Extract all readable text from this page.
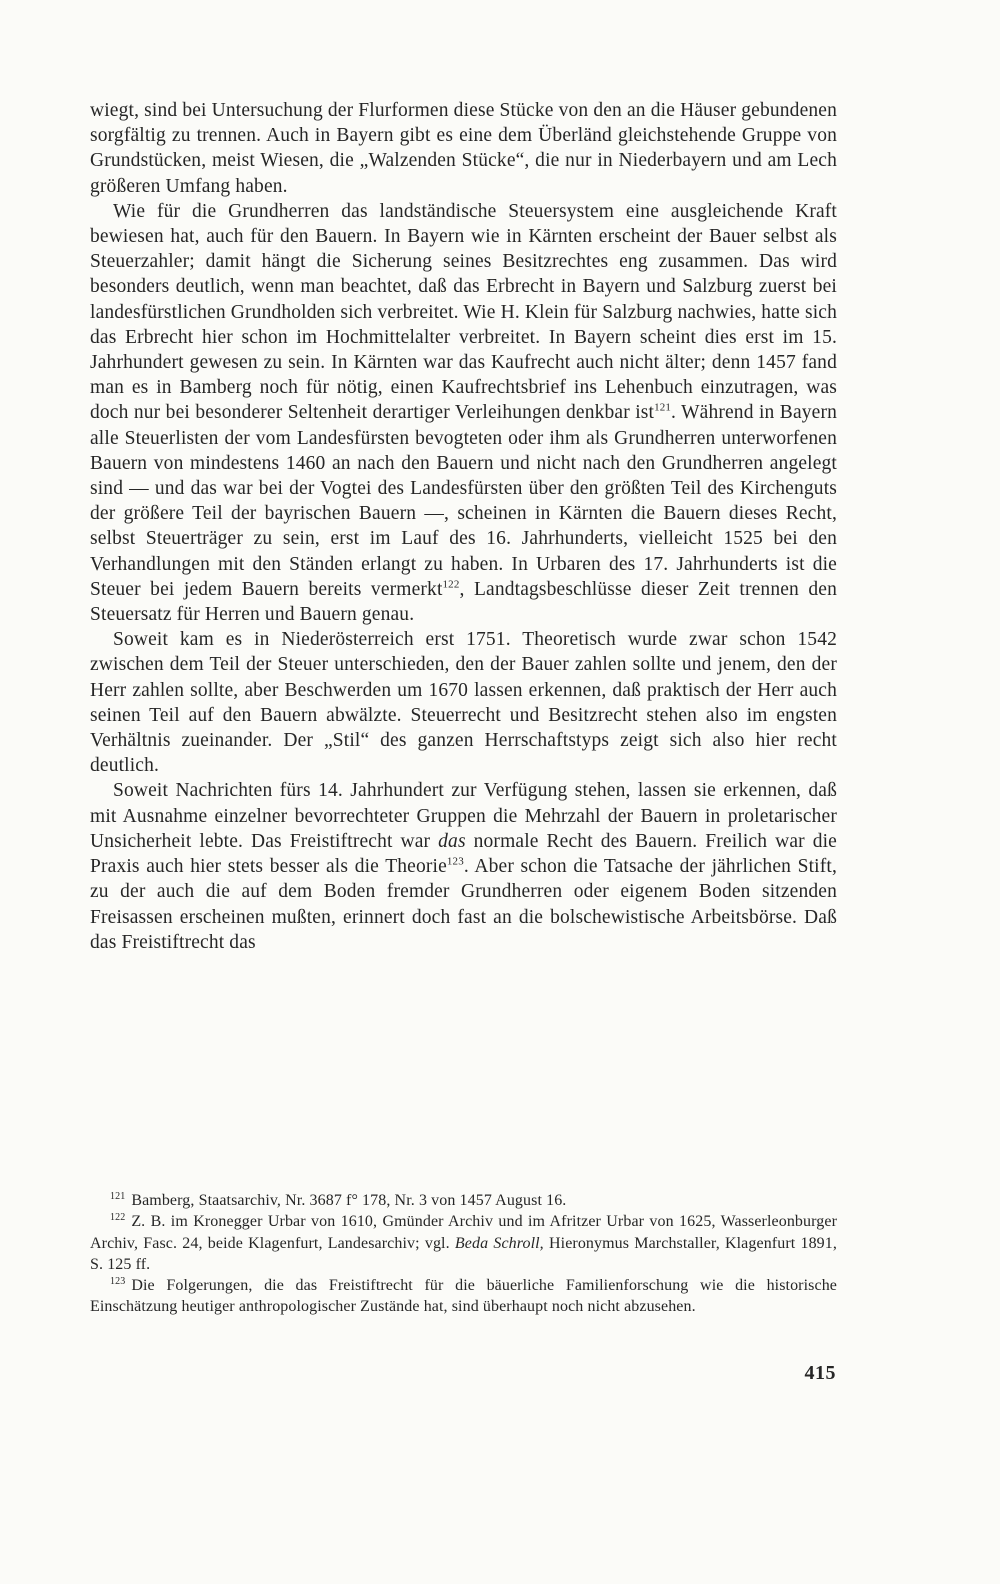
wiegt, sind bei Untersuchung der Flurformen diese Stücke von den an die Häuser gebundenen sorgfältig zu trennen. Auch in Bayern gibt es eine dem Überländ gleichstehende Gruppe von Grundstücken, meist Wiesen, die „Walzenden Stücke“, die nur in Niederbayern und am Lech größeren Umfang haben.

Wie für die Grundherren das landständische Steuersystem eine ausgleichende Kraft bewiesen hat, auch für den Bauern. In Bayern wie in Kärnten erscheint der Bauer selbst als Steuerzahler; damit hängt die Sicherung seines Besitzrechtes eng zusammen. Das wird besonders deutlich, wenn man beachtet, daß das Erbrecht in Bayern und Salzburg zuerst bei landesfürstlichen Grundholden sich verbreitet. Wie H. Klein für Salzburg nachwies, hatte sich das Erbrecht hier schon im Hochmittelalter verbreitet. In Bayern scheint dies erst im 15. Jahrhundert gewesen zu sein. In Kärnten war das Kaufrecht auch nicht älter; denn 1457 fand man es in Bamberg noch für nötig, einen Kaufrechtsbrief ins Lehenbuch einzutragen, was doch nur bei besonderer Seltenheit derartiger Verleihungen denkbar ist$^{121}$. Während in Bayern alle Steuerlisten der vom Landesfürsten bevogteten oder ihm als Grundherren unterworfenen Bauern von mindestens 1460 an nach den Bauern und nicht nach den Grundherren angelegt sind — und das war bei der Vogtei des Landesfürsten über den größten Teil des Kirchenguts der größere Teil der bayrischen Bauern —, scheinen in Kärnten die Bauern dieses Recht, selbst Steuerträger zu sein, erst im Lauf des 16. Jahrhunderts, vielleicht 1525 bei den Verhandlungen mit den Ständen erlangt zu haben. In Urbaren des 17. Jahrhunderts ist die Steuer bei jedem Bauern bereits vermerkt$^{122}$, Landtagsbeschlüsse dieser Zeit trennen den Steuersatz für Herren und Bauern genau.

Soweit kam es in Niederösterreich erst 1751. Theoretisch wurde zwar schon 1542 zwischen dem Teil der Steuer unterschieden, den der Bauer zahlen sollte und jenem, den der Herr zahlen sollte, aber Beschwerden um 1670 lassen erkennen, daß praktisch der Herr auch seinen Teil auf den Bauern abwälzte. Steuerrecht und Besitzrecht stehen also im engsten Verhältnis zueinander. Der „Stil“ des ganzen Herrschaftstyps zeigt sich also hier recht deutlich.

Soweit Nachrichten fürs 14. Jahrhundert zur Verfügung stehen, lassen sie erkennen, daß mit Ausnahme einzelner bevorrechteter Gruppen die Mehrzahl der Bauern in proletarischer Unsicherheit lebte. Das Freistiftrecht war das normale Recht des Bauern. Freilich war die Praxis auch hier stets besser als die Theorie$^{123}$. Aber schon die Tatsache der jährlichen Stift, zu der auch die auf dem Boden fremder Grundherren oder eigenem Boden sitzenden Freisassen erscheinen mußten, erinnert doch fast an die bolschewistische Arbeitsbörse. Daß das Freistiftrecht das

$^{121}$ Bamberg, Staatsarchiv, Nr. 3687 f° 178, Nr. 3 von 1457 August 16.

$^{122}$ Z. B. im Kronegger Urbar von 1610, Gmünder Archiv und im Afritzer Urbar von 1625, Wasserleonburger Archiv, Fasc. 24, beide Klagenfurt, Landesarchiv; vgl. Beda Schroll, Hieronymus Marchstaller, Klagenfurt 1891, S. 125 ff.

$^{123}$ Die Folgerungen, die das Freistiftrecht für die bäuerliche Familienforschung wie die historische Einschätzung heutiger anthropologischer Zustände hat, sind überhaupt noch nicht abzusehen.

415
